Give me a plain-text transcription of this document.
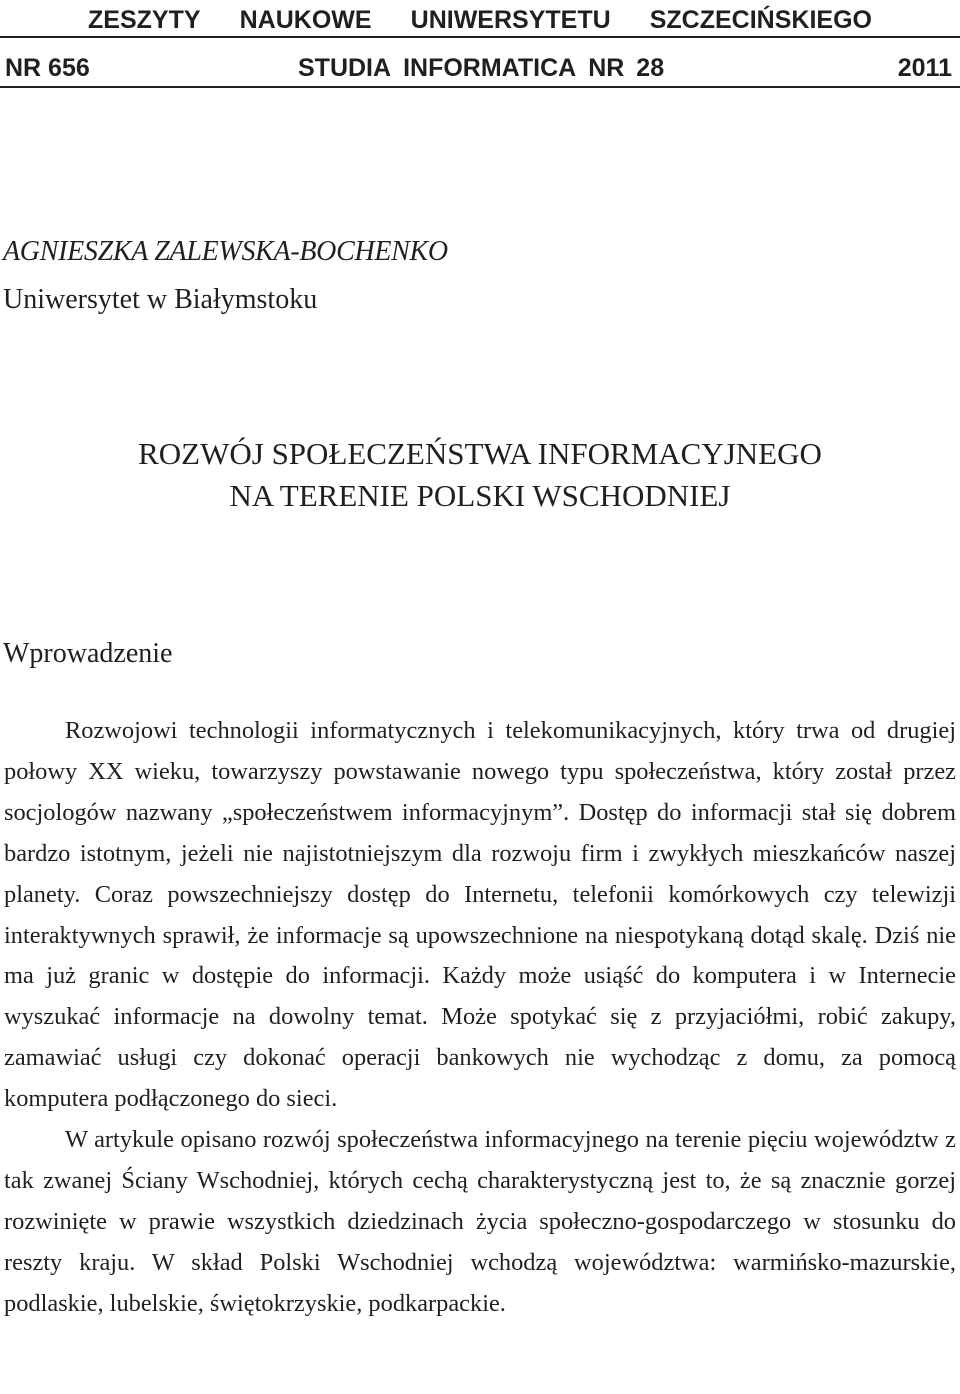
ZESZYTY NAUKOWE UNIWERSYTETU SZCZECIŃSKIEGO
NR 656	STUDIA INFORMATICA NR 28	2011
AGNIESZKA ZALEWSKA-BOCHENKO
Uniwersytet w Białymstoku
ROZWÓJ SPOŁECZEŃSTWA INFORMACYJNEGO
NA TERENIE POLSKI WSCHODNIEJ
Wprowadzenie

Rozwojowi technologii informatycznych i telekomunikacyjnych, który trwa od drugiej połowy XX wieku, towarzyszy powstawanie nowego typu społeczeństwa, który został przez socjologów nazwany „społeczeństwem informacyjnym”. Dostęp do informacji stał się dobrem bardzo istotnym, jeżeli nie najistotniejszym dla rozwoju firm i zwykłych mieszkańców naszej planety. Coraz powszechniejszy dostęp do Internetu, telefonii komórkowych czy telewizji interaktywnych sprawił, że informacje są upowszechnione na niespotykaną dotąd skalę. Dziś nie ma już granic w dostępie do informacji. Każdy może usiąść do komputera i w Internecie wyszukać informacje na dowolny temat. Może spotykać się z przyjaciółmi, robić zakupy, zamawiać usługi czy dokonać operacji bankowych nie wychodząc z domu, za pomocą komputera podłączonego do sieci.

W artykule opisano rozwój społeczeństwa informacyjnego na terenie pięciu województw z tak zwanej Ściany Wschodniej, których cechą charakterystyczną jest to, że są znacznie gorzej rozwinięte w prawie wszystkich dziedzinach życia społeczno-gospodarczego w stosunku do reszty kraju. W skład Polski Wschodniej wchodzą województwa: warmińsko-mazurskie, podlaskie, lubelskie, świętokrzyskie, podkarpackie.
